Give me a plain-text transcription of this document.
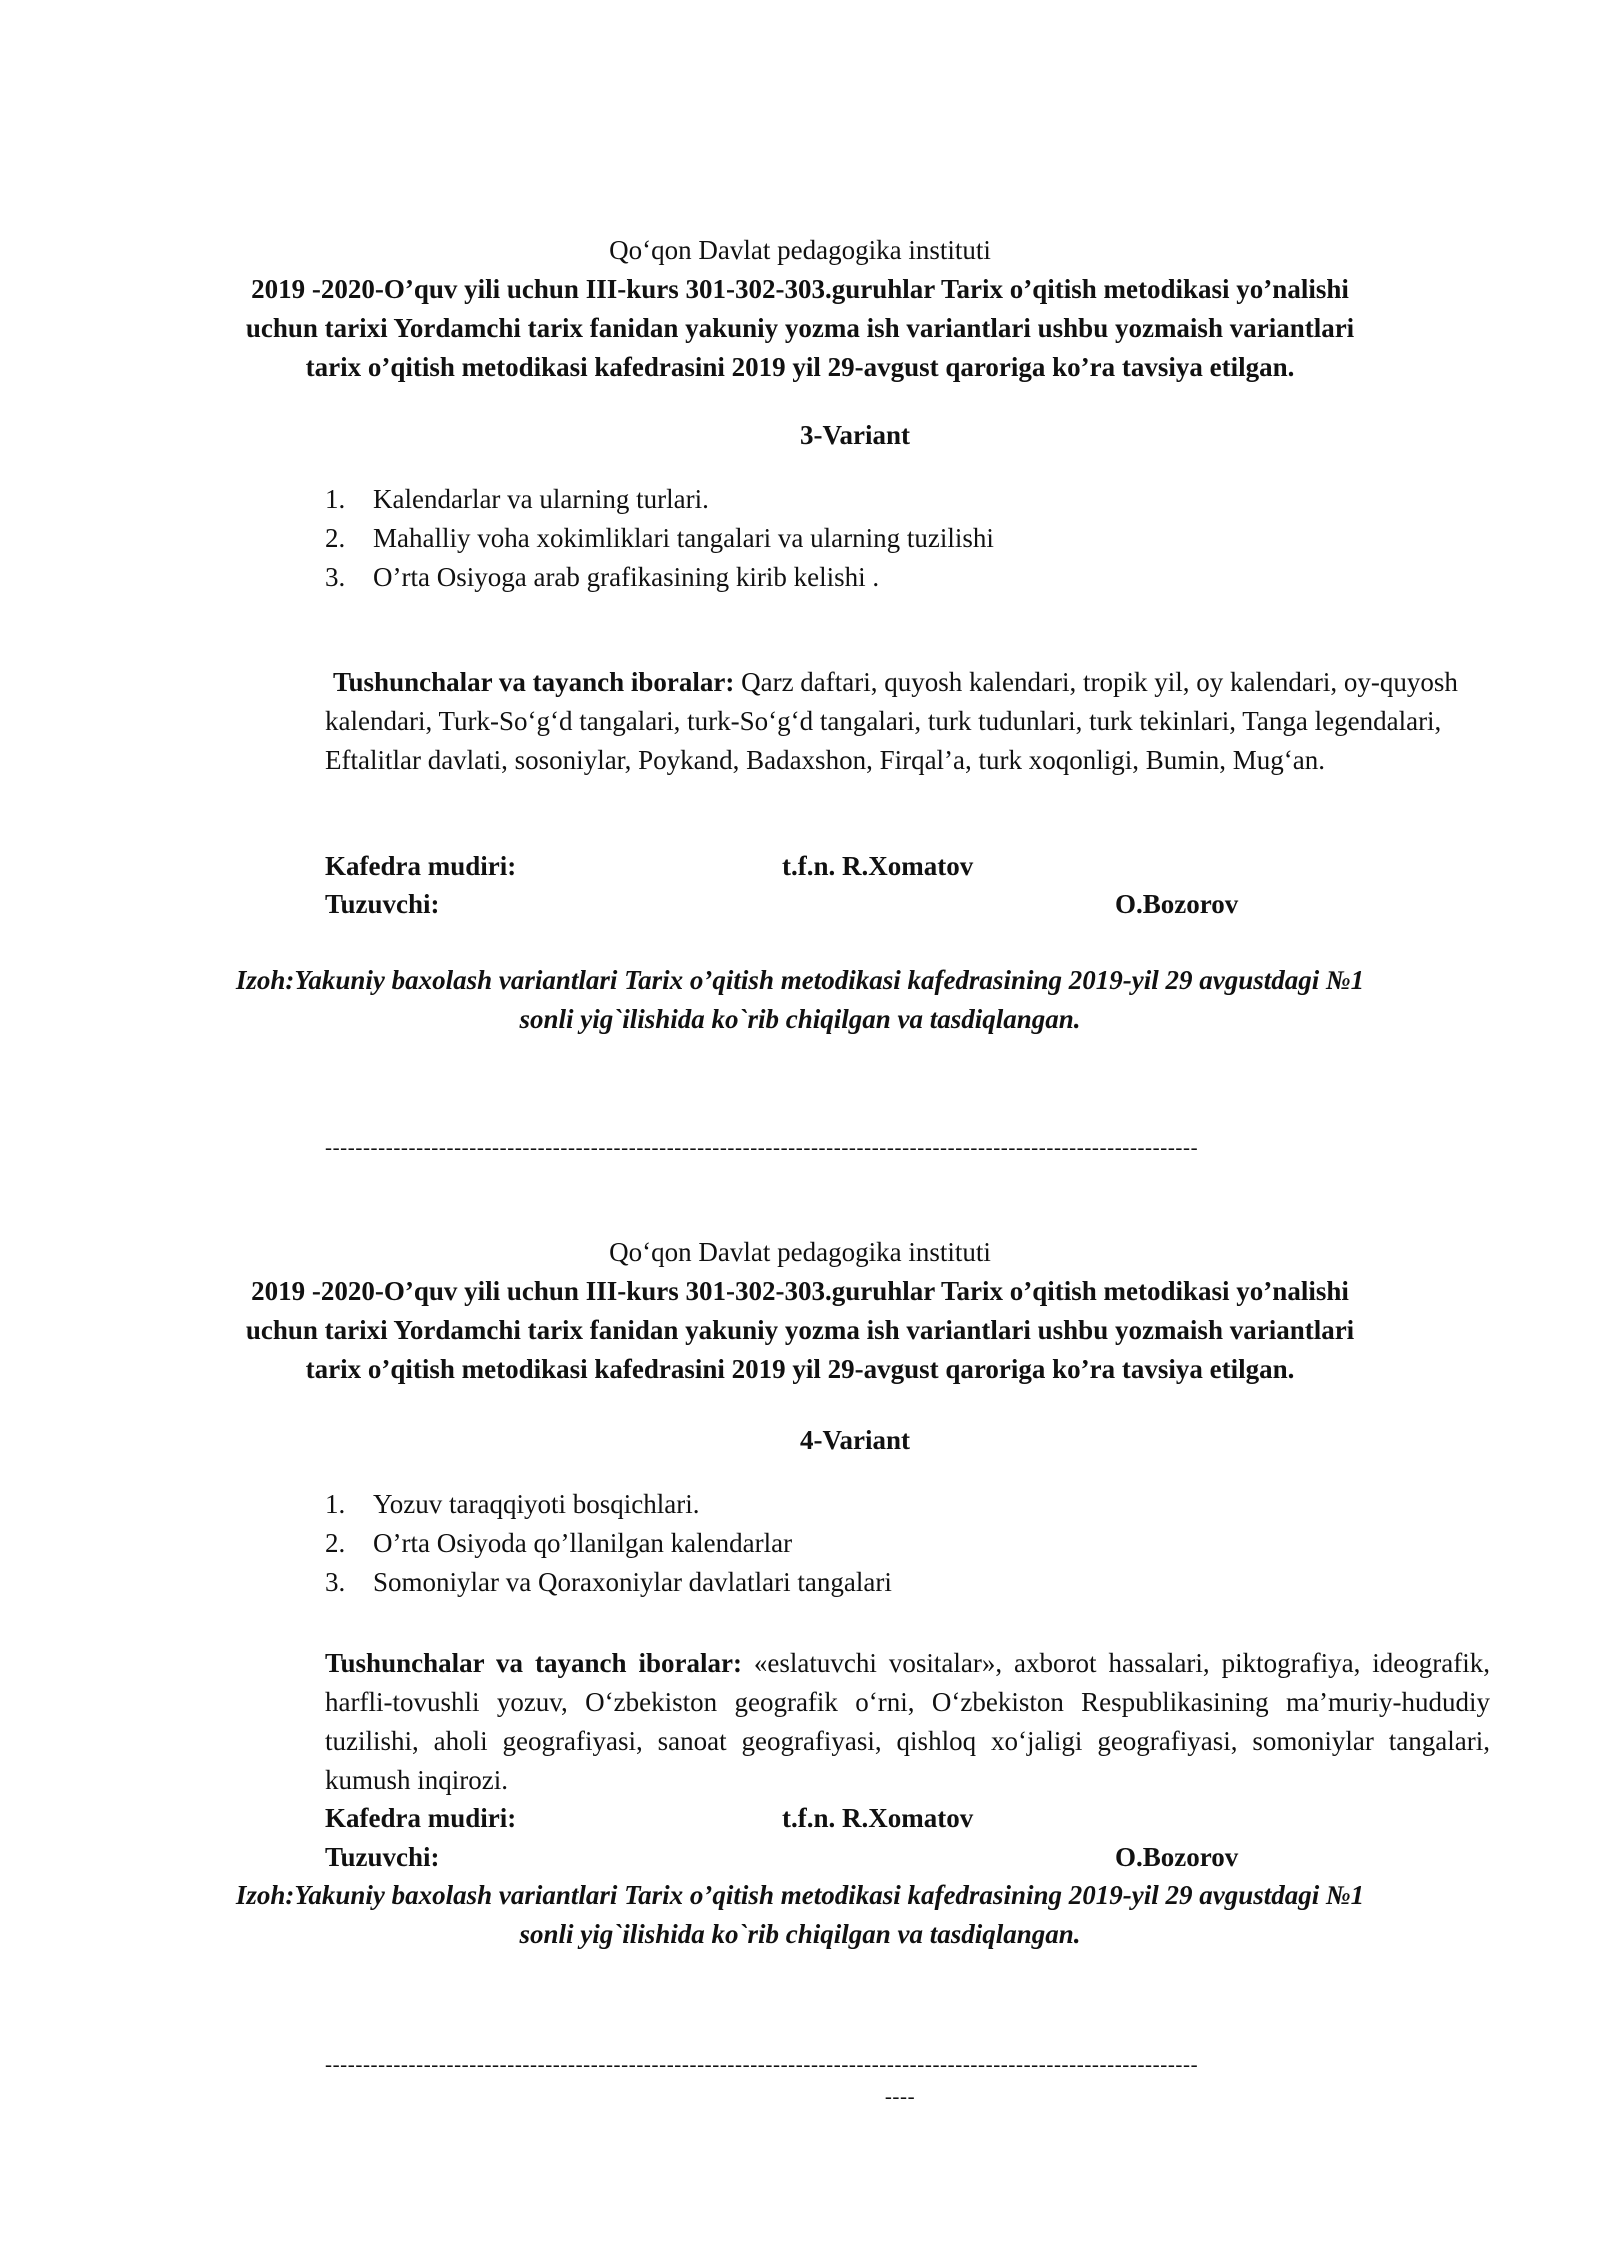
Qo‘qon Davlat pedagogika instituti
2019 -2020-O’quv yili uchun III-kurs 301-302-303.guruhlar Tarix o’qitish metodikasi yo’nalishi
uchun tarixi Yordamchi tarix fanidan yakuniy yozma ish variantlari ushbu yozmaish variantlari
tarix o’qitish metodikasi kafedrasini 2019 yil 29-avgust qaroriga ko’ra tavsiya etilgan.
3-Variant
1. Kalendarlar va ularning turlari.
2. Mahalliy voha xokimliklari tangalari va ularning tuzilishi
3. O’rta Osiyoga arab grafikasining kirib kelishi .
Tushunchalar va tayanch iboralar: Qarz daftari, quyosh kalendari, tropik yil, oy kalendari, oy-quyosh kalendari, Turk-So‘g‘d tangalari, turk-So‘g‘d tangalari, turk tudunlari, turk tekinlari, Tanga legendalari, Eftalitlar davlati, sosoniylar, Poykand, Badaxshon, Firqal’a, turk xoqonligi, Bumin, Mug‘an.
Kafedra mudiri:	t.f.n. R.Xomatov
Tuzuvchi:	O.Bozorov
Izoh:Yakuniy baxolash variantlari Tarix o’qitish metodikasi kafedrasining 2019-yil 29 avgustdagi №1
sonli yig`ilishida ko`rib chiqilgan va tasdiqlangan.
-------------------------------------------------------------------------------------------------------------------
Qo‘qon Davlat pedagogika instituti
2019 -2020-O’quv yili uchun III-kurs 301-302-303.guruhlar Tarix o’qitish metodikasi yo’nalishi
uchun tarixi Yordamchi tarix fanidan yakuniy yozma ish variantlari ushbu yozmaish variantlari
tarix o’qitish metodikasi kafedrasini 2019 yil 29-avgust qaroriga ko’ra tavsiya etilgan.
4-Variant
1. Yozuv taraqqiyoti bosqichlari.
2. O’rta Osiyoda qo’llanilgan kalendarlar
3. Somoniylar va Qoraxoniylar davlatlari tangalari
Tushunchalar va tayanch iboralar: «eslatuvchi vositalar», axborot hassalari, piktografiya, ideografik, harfli-tovushli yozuv, O‘zbekiston geografik o‘rni, O‘zbekiston Respublikasining ma’muriy-hududiy tuzilishi, aholi geografiyasi, sanoat geografiyasi, qishloq xo‘jaligi geografiyasi, somoniylar tangalari, kumush inqirozi.
Kafedra mudiri:	t.f.n. R.Xomatov
Tuzuvchi:	O.Bozorov
Izoh:Yakuniy baxolash variantlari Tarix o’qitish metodikasi kafedrasining 2019-yil 29 avgustdagi №1
sonli yig`ilishida ko`rib chiqilgan va tasdiqlangan.
-------------------------------------------------------------------------------------------------------------------
----
